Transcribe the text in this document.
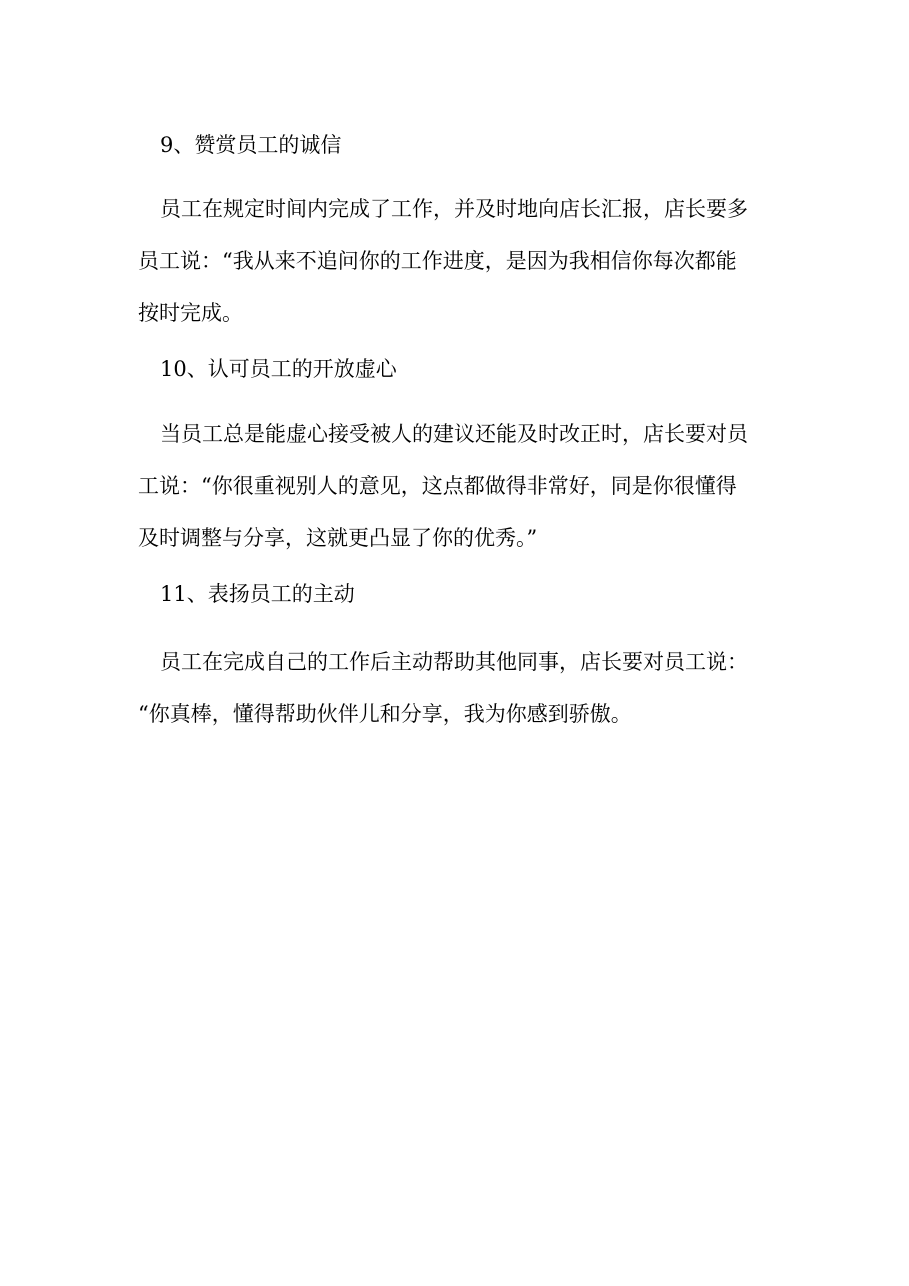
9、赞赏员工的诚信
员工在规定时间内完成了工作，并及时地向店长汇报，店长要多
员工说：“我从来不追问你的工作进度，是因为我相信你每次都能
按时完成。
10、认可员工的开放虚心
当员工总是能虚心接受被人的建议还能及时改正时，店长要对员
工说：“你很重视别人的意见，这点都做得非常好，同是你很懂得
及时调整与分享，这就更凸显了你的优秀。”
11、表扬员工的主动
员工在完成自己的工作后主动帮助其他同事，店长要对员工说：
“你真棒，懂得帮助伙伴儿和分享，我为你感到骄傲。
